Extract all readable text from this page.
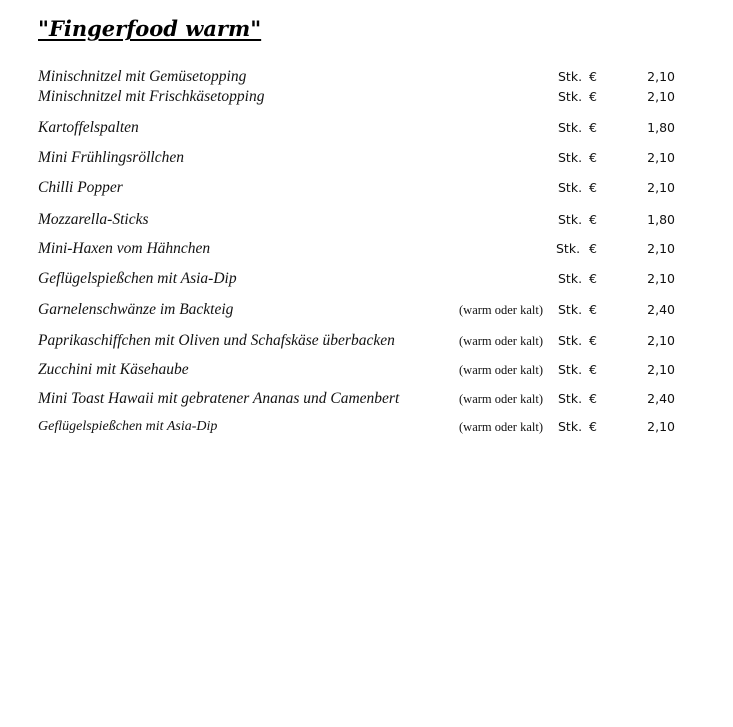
"Fingerfood warm"
Minischnitzel mit Gemüsetopping	Stk. €	2,10
Minischnitzel mit Frischkäsetopping	Stk. €	2,10
Kartoffelspalten	Stk. €	1,80
Mini Frühlingsröllchen	Stk. €	2,10
Chilli Popper	Stk. €	2,10
Mozzarella-Sticks	Stk. €	1,80
Mini-Haxen vom Hähnchen	Stk. €	2,10
Geflügelspießchen mit Asia-Dip	Stk. €	2,10
Garnelenschwänze im Backteig	(warm oder kalt) Stk. €	2,40
Paprikaschiffchen mit Oliven und Schafskäse überbacken	(warm oder kalt) Stk. €	2,10
Zucchini mit Käsehaube	(warm oder kalt) Stk. €	2,10
Mini Toast Hawaii mit gebratener Ananas und Camenbert	(warm oder kalt) Stk. €	2,40
Geflügelspießchen mit Asia-Dip	(warm oder kalt) Stk. €	2,10
